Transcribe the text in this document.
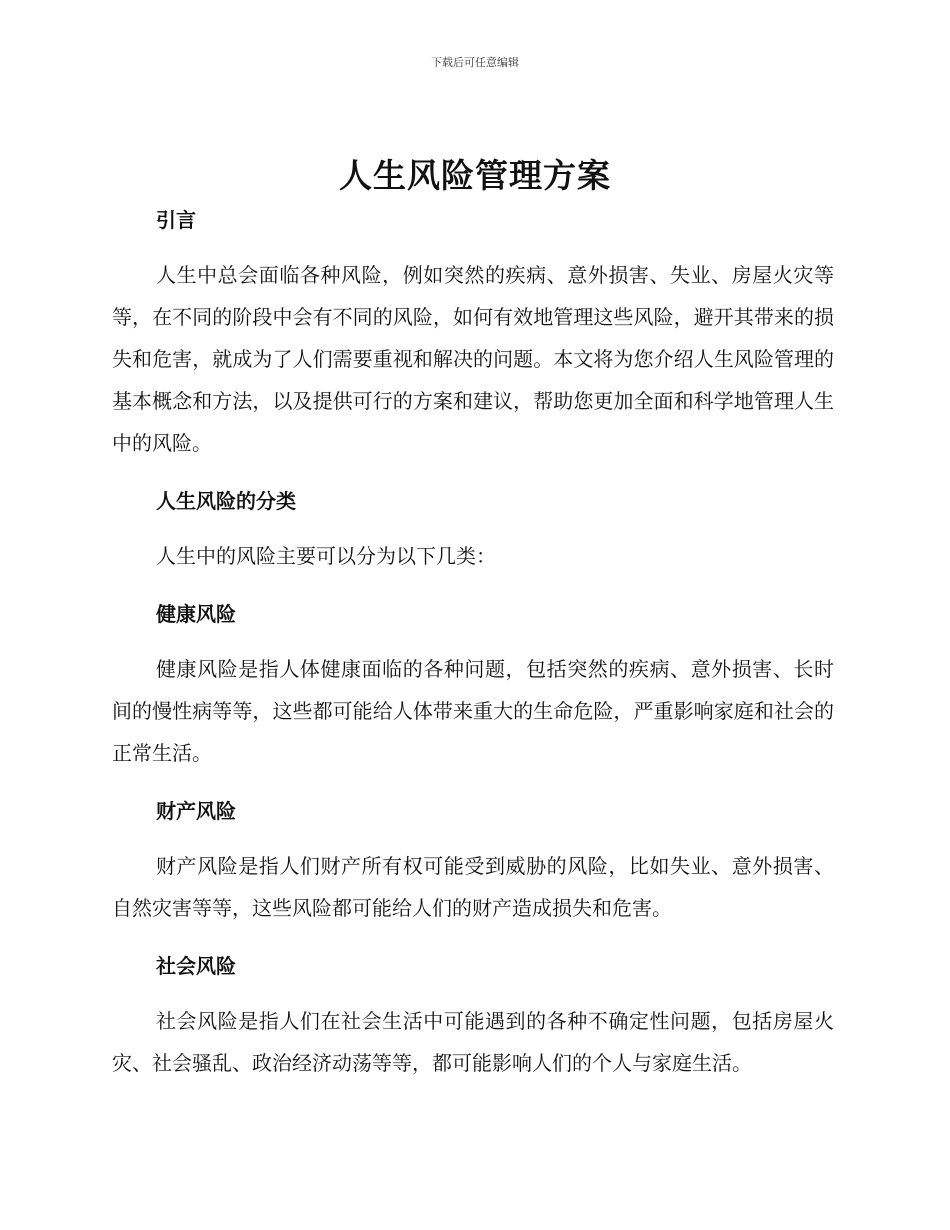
下载后可任意编辑
人生风险管理方案
引言

人生中总会面临各种风险，例如突然的疾病、意外损害、失业、房屋火灾等等，在不同的阶段中会有不同的风险，如何有效地管理这些风险，避开其带来的损失和危害，就成为了人们需要重视和解决的问题。本文将为您介绍人生风险管理的基本概念和方法，以及提供可行的方案和建议，帮助您更加全面和科学地管理人生中的风险。

人生风险的分类

人生中的风险主要可以分为以下几类：

健康风险

健康风险是指人体健康面临的各种问题，包括突然的疾病、意外损害、长时间的慢性病等等，这些都可能给人体带来重大的生命危险，严重影响家庭和社会的正常生活。

财产风险

财产风险是指人们财产所有权可能受到威胁的风险，比如失业、意外损害、自然灾害等等，这些风险都可能给人们的财产造成损失和危害。

社会风险

社会风险是指人们在社会生活中可能遇到的各种不确定性问题，包括房屋火灾、社会骚乱、政治经济动荡等等，都可能影响人们的个人与家庭生活。
